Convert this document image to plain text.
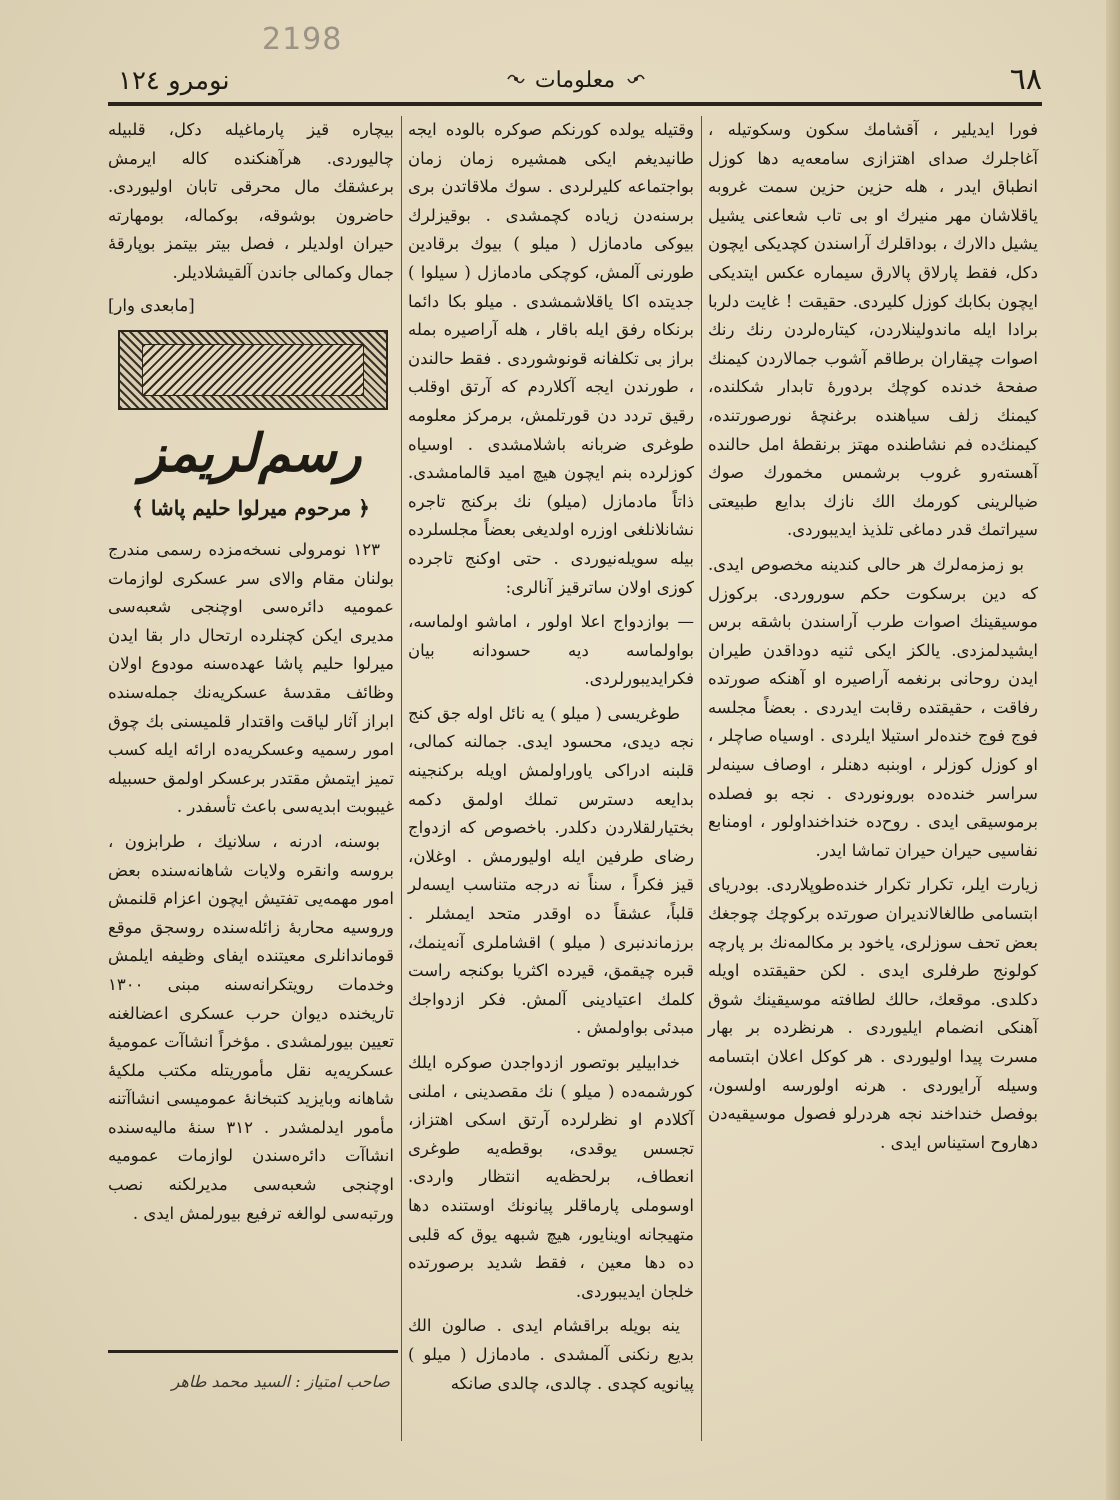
2198
٦٨
معلومات
نومرو ١٢٤

فورا ایدیلیر ، آقشامك سكون وسكوتیله ، آغاجلرك صدای اهتزازی سامعه‌یه دها كوزل انطباق ایدر ، هله حزین حزین سمت غروبه یاقلاشان مهر منیرك او بی تاب شعاعنی یشیل یشیل دالارك ، بوداقلرك آراسندن كچدیكی ایچون دكل، فقط پارلاق پالارق سیماره عكس ایتدیكی ایچون بكابك كوزل كلیردی. حقیقت ! غایت دلربا برادا ایله ماندولینلاردن، كیتاره‌لردن رنك رنك اصوات چیقاران برطاقم آشوب جمالاردن كیمنك صفحهٔ خدنده كوچك بردورهٔ تابدار شكلنده، كیمنك زلف سیاهنده برغنچهٔ نورصورتنده، كیمنك‌ده فم نشاطنده مهتز برنقطهٔ امل حالنده آهسته‌رو غروب برشمس مخمورك صوك ضیالرینی كورمك الك نازك بدایع طبیعتی سیراتمك قدر دماغی تلذیذ ایدیبوردی.

بو زمزمه‌لرك هر حالی كندینه مخصوص ایدی. كه دین برسكوت حكم سوروردی. بركوزل موسیقینك اصوات طرب آراسندن باشقه برس ایشیدلمزدی. یالکز ایكی ثنیه دوداقدن طیران ایدن روحانی برنغمه آراصیره او آهنكه صورتده رفاقت ، حقیقتده رقابت ایدردی . بعضاً مجلسه فوج فوج خنده‌لر استیلا ایلردی . اوسیاه صاچلر ، او كوزل كوزلر ، اوبنبه دهنلر ، اوصاف سینه‌لر سراسر خنده‌ده بورونوردی . نجه بو فصلده برموسیقی ایدی . روح‌ده خنداخنداولور ، اومنابع نفاسیی حیران حیران تماشا ایدر.

زیارت ایلر، تكرار تكرار خنده‌طوپلاردی. بودریای ابتسامی طالغالاندیران صورتده بركوچك چوجغك بعض تحف سوزلری، یاخود بر مكالمه‌نك بر پارچه كولونج طرفلری ایدی . لكن حقیقتده اویله دكلدی. موقعك، حالك لطافته موسیقینك شوق آهنكی انضمام ایلیوردی . هرنظرده بر بهار مسرت پیدا اولیوردی . هر كوكل اعلان ابتسامه وسیله آرایوردی . هرنه اولورسه اولسون، بوفصل خنداخند نجه هردرلو فصول موسیقیه‌دن دهاروح استیناس ایدی .

وقتیله یولده كورنكم صوكره بالوده ایجه طانیدیغم ایكی همشیره زمان زمان بواجتماعه كلیرلردی . سوك ملاقاتدن بری برسنه‌دن زیاده كچمشدی . بوقیزلرك بیوكی مادمازل ( میلو ) بیوك برقادین طورنی آلمش، كوچكی مادمازل ( سیلوا ) جدیتده اكا یاقلاشمشدی . میلو بكا دائما برنكاه رفق ایله باقار ، هله آراصیره بمله براز بی تكلفانه قونوشوردی . فقط حالندن ، طورندن ایجه آكلاردم كه آرتق اوقلب رقیق تردد دن قورتلمش، برمركز معلومه طوغری ضربانه باشلامشدی . اوسیاه كوزلرده بنم ایچون هیچ امید قالمامشدی. ذاتاً مادمازل (میلو) نك بركنج تاجره نشانلانلغی اوزره اولدیغی بعضاً مجلسلرده بیله سویله‌نیوردی . حتی اوكنج تاجرده كوزی اولان ساترقیز آنالری:

— بوازدواج اعلا اولور ، اماشو اولماسه، بواولماسه دیه حسودانه بیان فكرایدیبورلردی.

طوغریسی ( میلو ) یه نائل اوله جق كنج نجه دیدی، محسود ایدی. جمالنه كمالی، قلبنه ادراكی یاوراولمش اویله بركنجینه بدایعه دسترس تملك اولمق دكمه بختیارلقلاردن دكلدر. باخصوص كه ازدواج رضای طرفین ایله اولیورمش . اوغلان، قیز فكراً ، سناً نه درجه متناسب ایسه‌لر قلباً، عشقاً ده اوقدر متحد ایمشلر . برزماندنبری ( میلو ) اقشاملری آنه‌ینمك، قبره چیقمق، قیرده اكثریا بوكنجه راست كلمك اعتیادینی آلمش. فكر ازدواجك مبدئی بواولمش .

خدابیلیر بوتصور ازدواجدن صوكره ایلك كورشمه‌ده ( میلو ) نك مقصدینی ، املنی آكلادم او نظرلرده آرتق اسكی اهتزاز، تجسس یوقدی، بوقطه‌یه طوغری انعطاف، برلحظه‌یه انتظار واردی. اوسوملی پارماقلر پیانونك اوستنده دها متهیجانه اوینایور، هیچ شبهه یوق كه قلبی ده دها معین ، فقط شدید برصورتده خلجان ایدیبوردی.

ینه بویله براقشام ایدی . صالون الك بدیع رنكنی آلمشدی . مادمازل ( میلو ) پیانویه كچدی . چالدی، چالدی صانكه

بیچاره قیز پارماغیله دكل، قلبیله چالیوردی. هرآهنكنده كاله ایرمش برعشقك مال محرقی تابان اولیوردی. حاضرون بوشوقه، بوكماله، بومهارته حیران اولدیلر ، فصل بیتر بیتمز بوپارقهٔ جمال وكمالی جاندن آلقیشلادیلر.

[مابعدی وار]

رسم‌لریمز
﴿ مرحوم میرلوا حلیم پاشا ﴾

١٢٣ نومرولی نسخه‌مزده رسمی مندرج بولنان مقام والای سر عسكری لوازمات عمومیه دائره‌سی اوچنجی شعبه‌سی مدیری ایكن كچنلرده ارتحال دار بقا ایدن میرلوا حلیم پاشا عهده‌سنه مودوع اولان وظائف مقدسهٔ عسكریه‌نك جمله‌سنده ابراز آثار لیاقت واقتدار قلمیسنی بك چوق امور رسمیه وعسكریه‌ده ارائه ایله كسب تمیز ایتمش مقتدر برعسكر اولمق حسبیله غیبوبت ابدیه‌سی باعث تأسفدر .

بوسنه، ادرنه ، سلانیك ، طرابزون ، بروسه وانقره ولایات شاهانه‌سنده بعض امور مهمه‌یی تفتیش ایچون اعزام قلنمش وروسیه محاربهٔ زائله‌سنده روسجق موقع قوماندانلری معیتنده ایفای وظیفه ایلمش وخدمات رویتكرانه‌سنه مبنی ١٣٠٠ تاریخنده دیوان حرب عسكری اعضالغنه تعیین بیورلمشدی . مؤخراً انشاآت عمومیهٔ عسكریه‌یه نقل مأموریتله مكتب ملكیهٔ شاهانه وبایزید كتبخانهٔ عمومیسی انشاآتنه مأمور ایدلمشدر . ٣١٢ سنهٔ مالیه‌سنده انشاآت دائره‌سندن لوازمات عمومیه اوچنجی شعبه‌سی مدیرلكنه نصب ورتبه‌سی لوالغه ترفیع بیورلمش ایدی .

صاحب امتیاز : السید محمد طاهر
